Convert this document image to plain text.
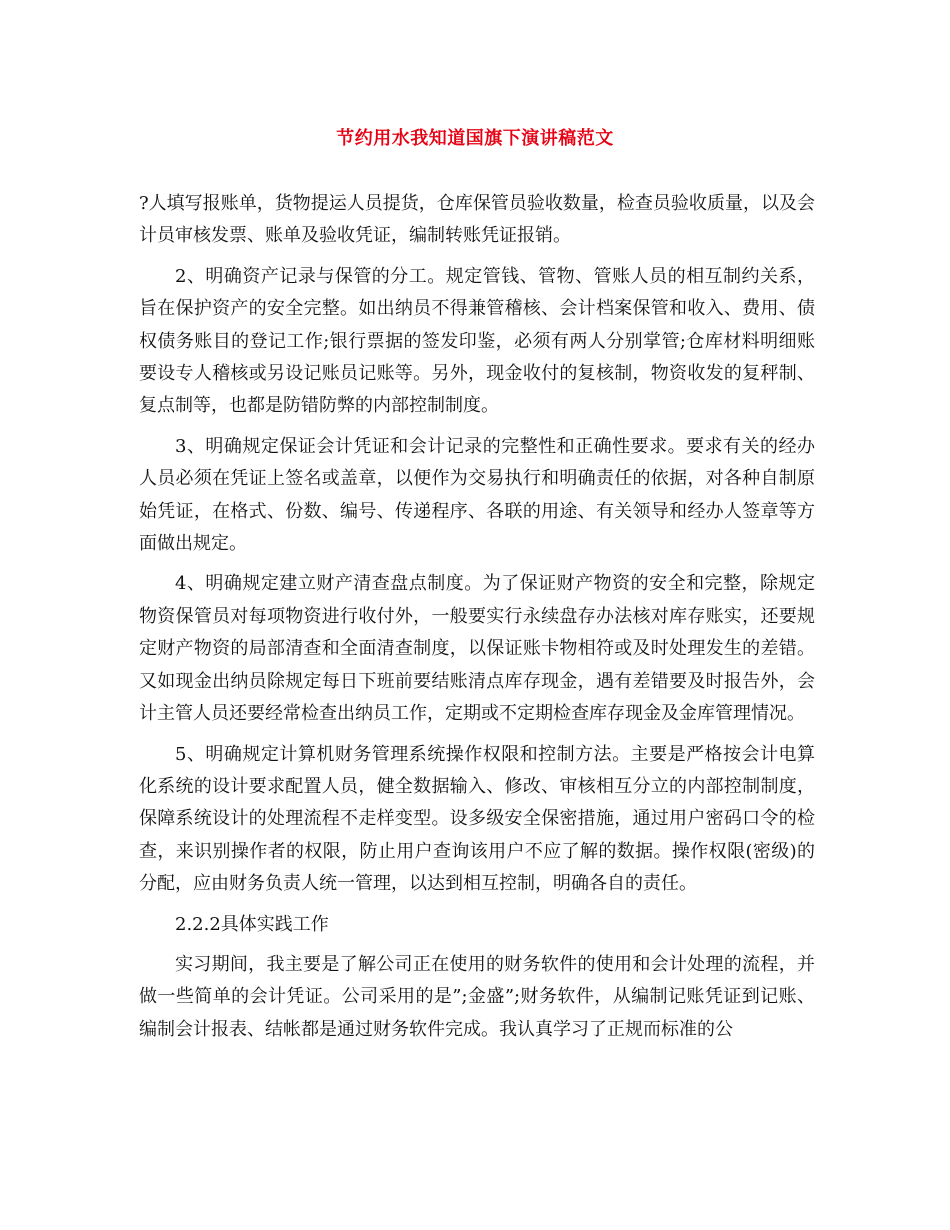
节约用水我知道国旗下演讲稿范文

?人填写报账单，货物提运人员提货，仓库保管员验收数量，检查员验收质量，以及会计员审核发票、账单及验收凭证，编制转账凭证报销。

2、明确资产记录与保管的分工。规定管钱、管物、管账人员的相互制约关系，旨在保护资产的安全完整。如出纳员不得兼管稽核、会计档案保管和收入、费用、债权债务账目的登记工作;银行票据的签发印鉴，必须有两人分别掌管;仓库材料明细账要设专人稽核或另设记账员记账等。另外，现金收付的复核制，物资收发的复秤制、复点制等，也都是防错防弊的内部控制制度。

3、明确规定保证会计凭证和会计记录的完整性和正确性要求。要求有关的经办人员必须在凭证上签名或盖章，以便作为交易执行和明确责任的依据，对各种自制原始凭证，在格式、份数、编号、传递程序、各联的用途、有关领导和经办人签章等方面做出规定。

4、明确规定建立财产清查盘点制度。为了保证财产物资的安全和完整，除规定物资保管员对每项物资进行收付外，一般要实行永续盘存办法核对库存账实，还要规定财产物资的局部清查和全面清查制度，以保证账卡物相符或及时处理发生的差错。又如现金出纳员除规定每日下班前要结账清点库存现金，遇有差错要及时报告外，会计主管人员还要经常检查出纳员工作，定期或不定期检查库存现金及金库管理情况。

5、明确规定计算机财务管理系统操作权限和控制方法。主要是严格按会计电算化系统的设计要求配置人员，健全数据输入、修改、审核相互分立的内部控制制度，保障系统设计的处理流程不走样变型。设多级安全保密措施，通过用户密码口令的检查，来识别操作者的权限，防止用户查询该用户不应了解的数据。操作权限(密级)的分配，应由财务负责人统一管理，以达到相互控制，明确各自的责任。

2.2.2具体实践工作

实习期间，我主要是了解公司正在使用的财务软件的使用和会计处理的流程，并做一些简单的会计凭证。公司采用的是”;金盛”;财务软件，从编制记账凭证到记账、编制会计报表、结帐都是通过财务软件完成。我认真学习了正规而标准的公
